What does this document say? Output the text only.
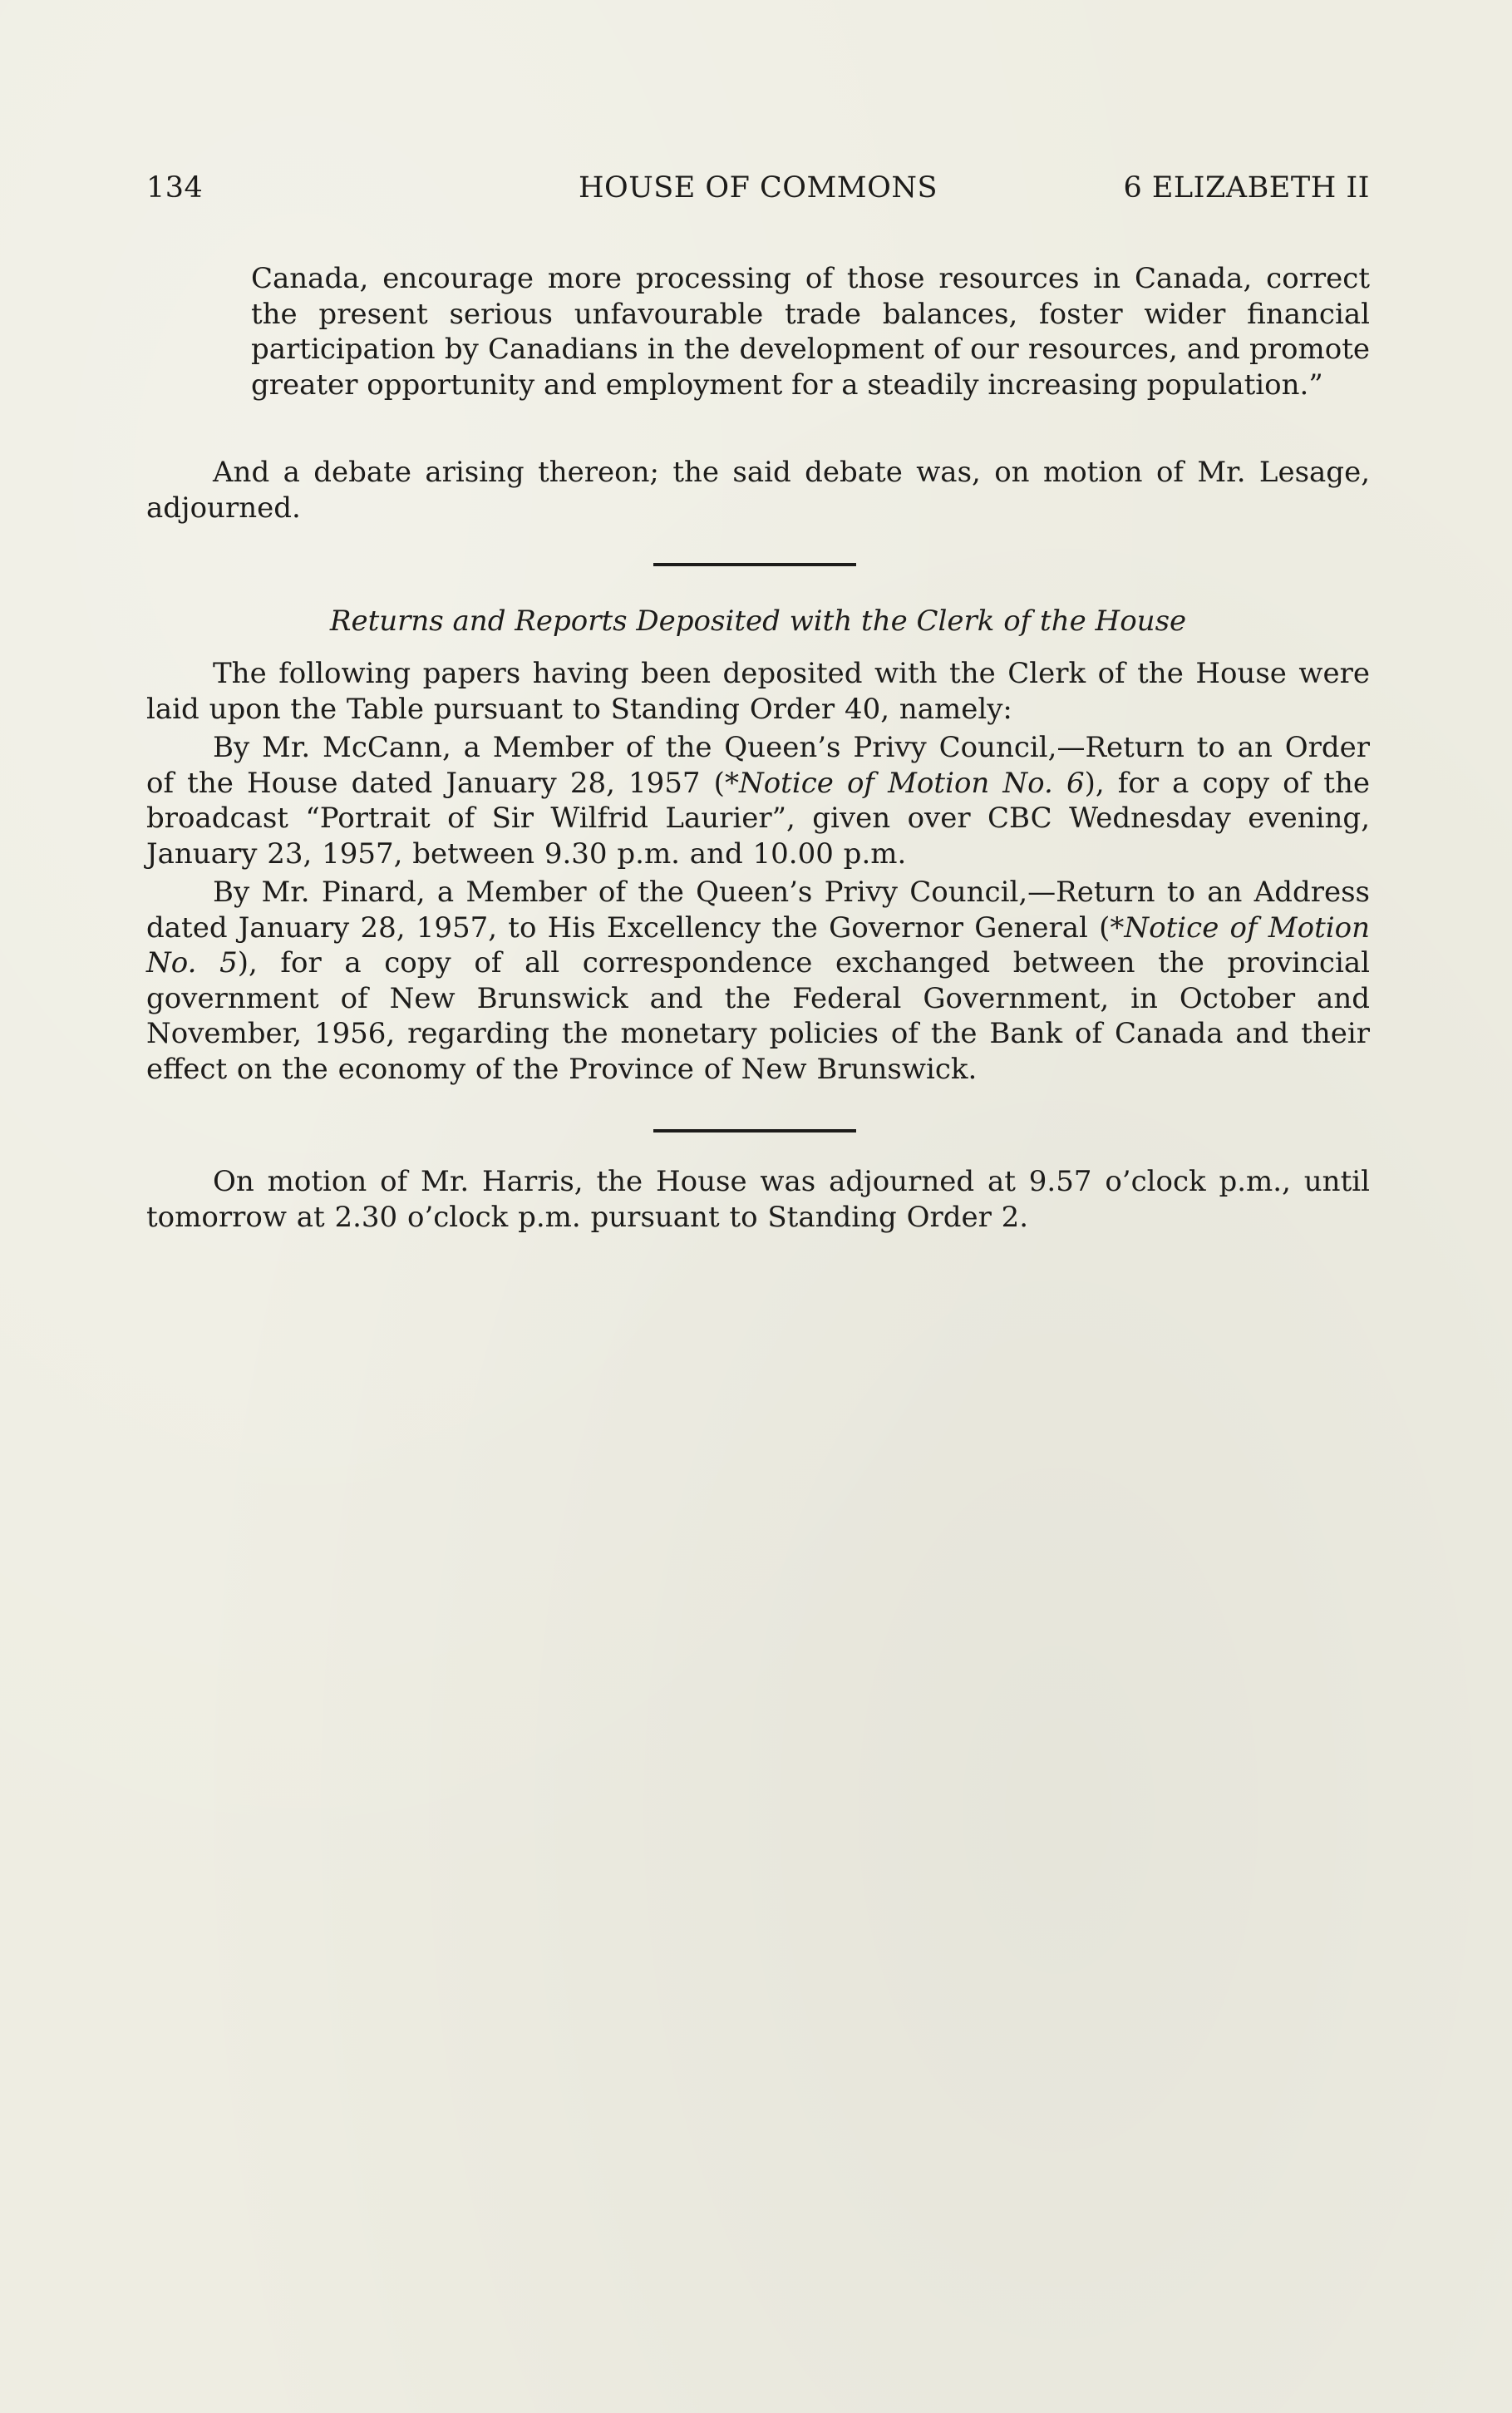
134	HOUSE OF COMMONS	6 ELIZABETH II

Canada, encourage more processing of those resources in Canada, correct the present serious unfavourable trade balances, foster wider financial participation by Canadians in the development of our resources, and promote greater opportunity and employment for a steadily increasing population.”

And a debate arising thereon; the said debate was, on motion of Mr. Lesage, adjourned.

Returns and Reports Deposited with the Clerk of the House

The following papers having been deposited with the Clerk of the House were laid upon the Table pursuant to Standing Order 40, namely:

By Mr. McCann, a Member of the Queen’s Privy Council,—Return to an Order of the House dated January 28, 1957 (*Notice of Motion No. 6), for a copy of the broadcast “Portrait of Sir Wilfrid Laurier”, given over CBC Wednesday evening, January 23, 1957, between 9.30 p.m. and 10.00 p.m.

By Mr. Pinard, a Member of the Queen’s Privy Council,—Return to an Address dated January 28, 1957, to His Excellency the Governor General (*Notice of Motion No. 5), for a copy of all correspondence exchanged between the provincial government of New Brunswick and the Federal Government, in October and November, 1956, regarding the monetary policies of the Bank of Canada and their effect on the economy of the Province of New Brunswick.

On motion of Mr. Harris, the House was adjourned at 9.57 o’clock p.m., until tomorrow at 2.30 o’clock p.m. pursuant to Standing Order 2.
